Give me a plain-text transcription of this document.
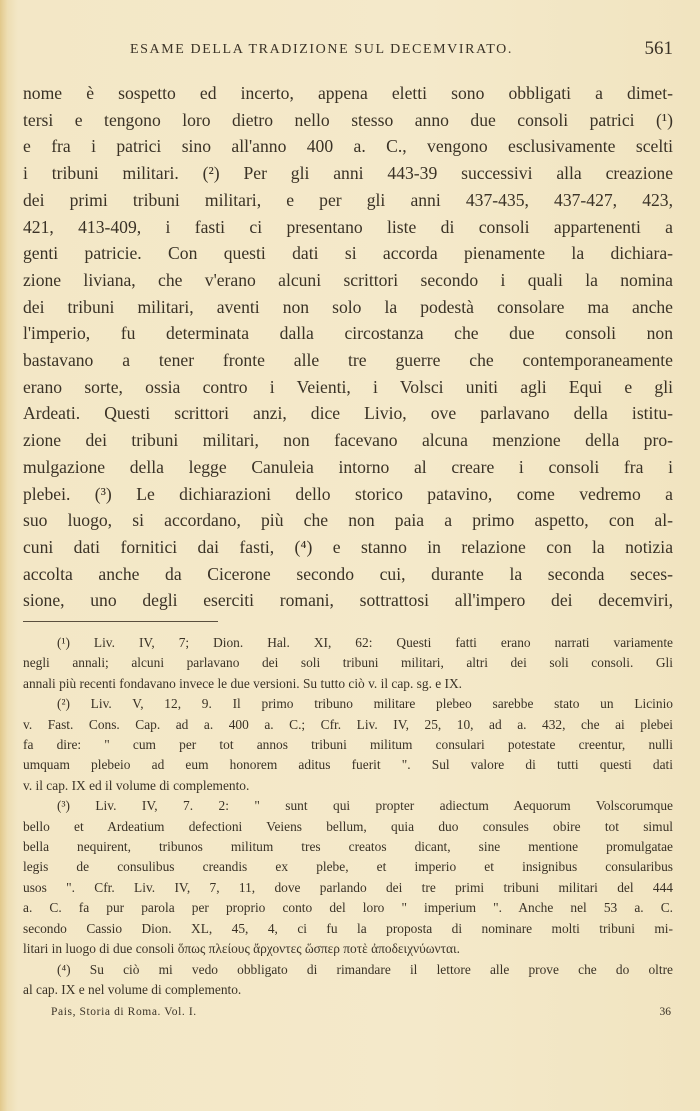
ESAME DELLA TRADIZIONE SUL DECEMVIRATO.	561
nome è sospetto ed incerto, appena eletti sono obbligati a dimet-
tersi e tengono loro dietro nello stesso anno due consoli patrici (¹)
e fra i patrici sino all'anno 400 a. C., vengono esclusivamente scelti
i tribuni militari. (²) Per gli anni 443-39 successivi alla creazione
dei primi tribuni militari, e per gli anni 437-435, 437-427, 423,
421, 413-409, i fasti ci presentano liste di consoli appartenenti a
genti patricie. Con questi dati si accorda pienamente la dichiara-
zione liviana, che v'erano alcuni scrittori secondo i quali la nomina
dei tribuni militari, aventi non solo la podestà consolare ma anche
l'imperio, fu determinata dalla circostanza che due consoli non
bastavano a tener fronte alle tre guerre che contemporaneamente
erano sorte, ossia contro i Veienti, i Volsci uniti agli Equi e gli
Ardeati. Questi scrittori anzi, dice Livio, ove parlavano della istitu-
zione dei tribuni militari, non facevano alcuna menzione della pro-
mulgazione della legge Canuleia intorno al creare i consoli fra i
plebei. (³) Le dichiarazioni dello storico patavino, come vedremo a
suo luogo, si accordano, più che non paia a primo aspetto, con al-
cuni dati fornitici dai fasti, (⁴) e stanno in relazione con la notizia
accolta anche da Cicerone secondo cui, durante la seconda seces-
sione, uno degli eserciti romani, sottrattosi all'impero dei decemviri,
(¹) Liv. IV, 7; Dion. Hal. XI, 62: Questi fatti erano narrati variamente
negli annali; alcuni parlavano dei soli tribuni militari, altri dei soli consoli. Gli
annali più recenti fondavano invece le due versioni. Su tutto ciò v. il cap. sg. e IX.
(²) Liv. V, 12, 9. Il primo tribuno militare plebeo sarebbe stato un Licinio
v. Fast. Cons. Cap. ad a. 400 a. C.; Cfr. Liv. IV, 25, 10, ad a. 432, che ai plebei
fa dire: " cum per tot annos tribuni militum consulari potestate creentur, nulli
umquam plebeio ad eum honorem aditus fuerit ". Sul valore di tutti questi dati
v. il cap. IX ed il volume di complemento.
(³) Liv. IV, 7. 2: " sunt qui propter adiectum Aequorum Volscorumque
bello et Ardeatium defectioni Veiens bellum, quia duo consules obire tot simul
bella nequirent, tribunos militum tres creatos dicant, sine mentione promulgatae
legis de consulibus creandis ex plebe, et imperio et insignibus consularibus
usos ". Cfr. Liv. IV, 7, 11, dove parlando dei tre primi tribuni militari del 444
a. C. fa pur parola per proprio conto del loro " imperium ". Anche nel 53 a. C.
secondo Cassio Dion. XL, 45, 4, ci fu la proposta di nominare molti tribuni mi-
litari in luogo di due consoli ὅπως πλείους ἄρχοντες ὥσπερ ποτὲ ἀποδειχνύωνται.
(⁴) Su ciò mi vedo obbligato di rimandare il lettore alle prove che do oltre
al cap. IX e nel volume di complemento.
Pais, Storia di Roma. Vol. I.	36
